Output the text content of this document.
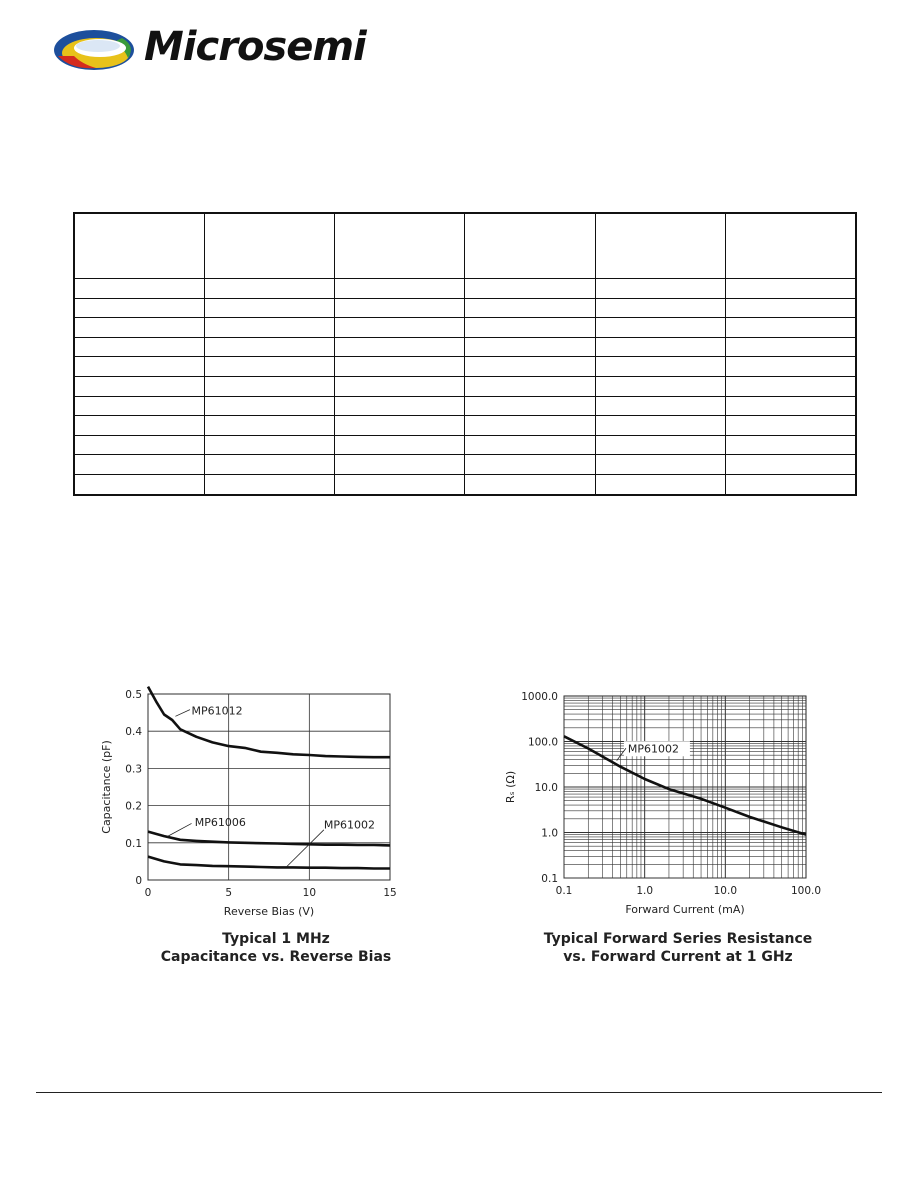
Microsemi

0
0.1
0.2
0.3
0.4
0.5
0	5	10	15
Reverse Bias (V)
Capacitance (pF)
MP61012
MP61006	MP61002
Typical 1 MHz
Capacitance vs. Reverse Bias
0.1
1.0
10.0
100.0
1000.0
0.1	1.0	10.0	100.0
Forward Current (mA)
Rₛ (Ω)
MP61002
Typical Forward Series Resistance
vs. Forward Current at 1 GHz
